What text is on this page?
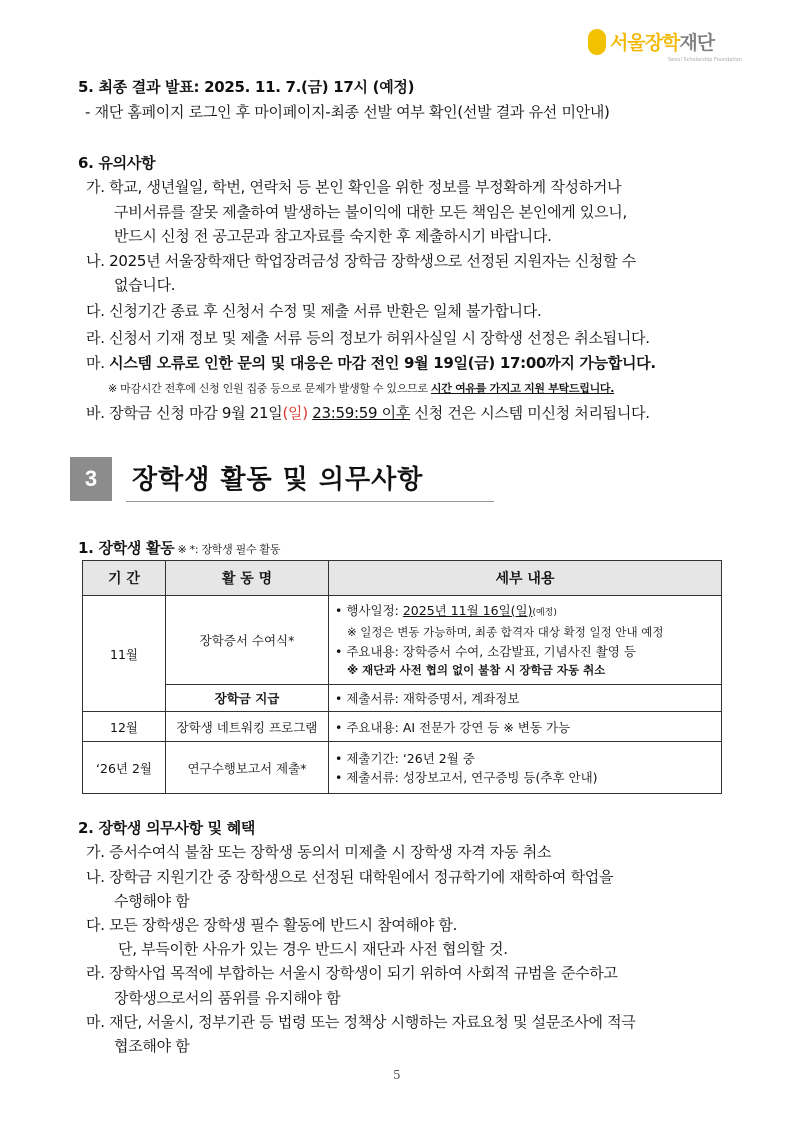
서울장학재단
Seoul Scholarship Foundation
5. 최종 결과 발표: 2025. 11. 7.(금) 17시 (예정)
- 재단 홈페이지 로그인 후 마이페이지-최종 선발 여부 확인(선발 결과 유선 미안내)
6. 유의사항
가. 학교, 생년월일, 학번, 연락처 등 본인 확인을 위한 정보를 부정확하게 작성하거나
구비서류를 잘못 제출하여 발생하는 불이익에 대한 모든 책임은 본인에게 있으니,
반드시 신청 전 공고문과 참고자료를 숙지한 후 제출하시기 바랍니다.
나. 2025년 서울장학재단 학업장려금성 장학금 장학생으로 선정된 지원자는 신청할 수
없습니다.
다. 신청기간 종료 후 신청서 수정 및 제출 서류 반환은 일체 불가합니다.
라. 신청서 기재 정보 및 제출 서류 등의 정보가 허위사실일 시 장학생 선정은 취소됩니다.
마. 시스템 오류로 인한 문의 및 대응은 마감 전인 9월 19일(금) 17:00까지 가능합니다.
※ 마감시간 전후에 신청 인원 집중 등으로 문제가 발생할 수 있으므로 시간 여유를 가지고 지원 부탁드립니다.
바. 장학금 신청 마감 9월 21일(일) 23:59:59 이후 신청 건은 시스템 미신청 처리됩니다.
3	장학생 활동 및 의무사항
1. 장학생 활동 ※ *: 장학생 필수 활동
기 간	활 동 명	세부 내용
11월	장학증서 수여식*	• 행사일정: 2025년 11월 16일(일)(예정)
※ 일정은 변동 가능하며, 최종 합격자 대상 확정 일정 안내 예정
• 주요내용: 장학증서 수여, 소감발표, 기념사진 촬영 등
※ 재단과 사전 협의 없이 불참 시 장학금 자동 취소

	장학금 지급	• 제출서류: 재학증명서, 계좌정보
12월	장학생 네트워킹 프로그램	• 주요내용: AI 전문가 강연 등 ※ 변동 가능
‘26년 2월	연구수행보고서 제출*	• 제출기간: ‘26년 2월 중
• 제출서류: 성장보고서, 연구증빙 등(추후 안내)
2. 장학생 의무사항 및 혜택
가. 증서수여식 불참 또는 장학생 동의서 미제출 시 장학생 자격 자동 취소
나. 장학금 지원기간 중 장학생으로 선정된 대학원에서 정규학기에 재학하여 학업을
수행해야 함
다. 모든 장학생은 장학생 필수 활동에 반드시 참여해야 함.
단, 부득이한 사유가 있는 경우 반드시 재단과 사전 협의할 것.
라. 장학사업 목적에 부합하는 서울시 장학생이 되기 위하여 사회적 규범을 준수하고
장학생으로서의 품위를 유지해야 함
마. 재단, 서울시, 정부기관 등 법령 또는 정책상 시행하는 자료요청 및 설문조사에 적극
협조해야 함
5
